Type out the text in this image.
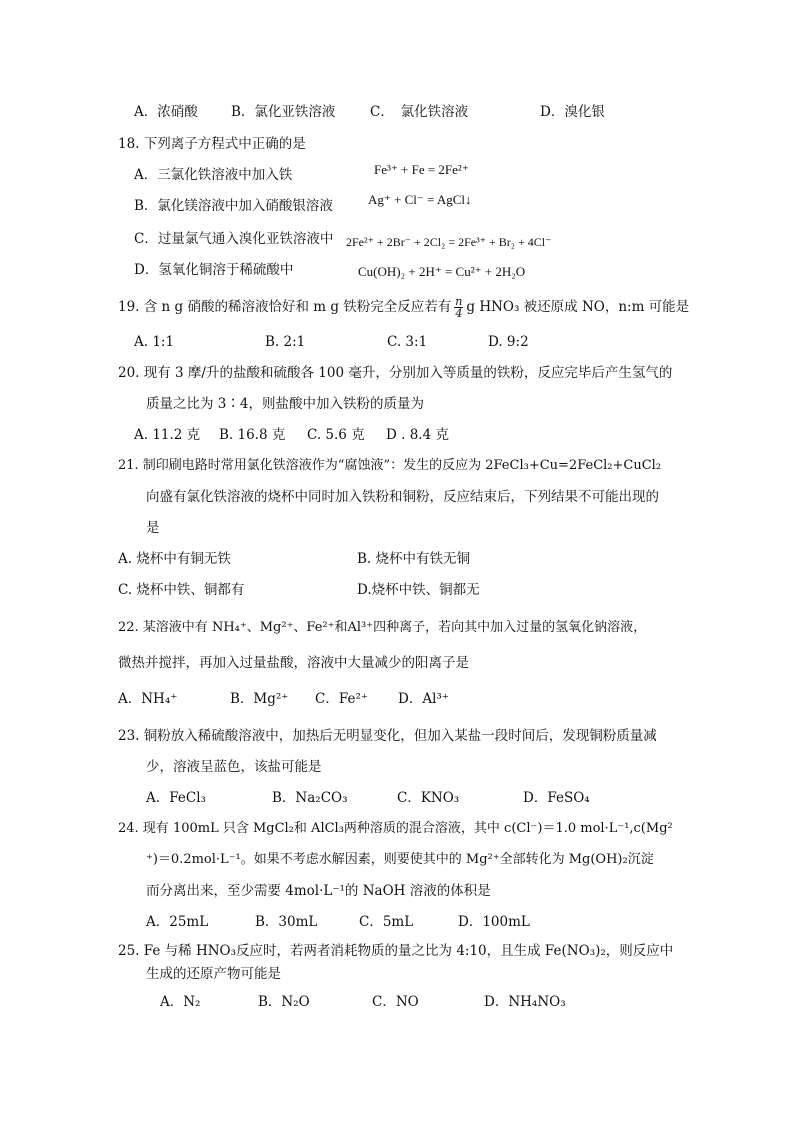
A．浓硝酸 B．氯化亚铁溶液	C．　氯化铁溶液	D．溴化银
18. 下列离子方程式中正确的是
A．三氯化铁溶液中加入铁	Fe³⁺ + Fe = 2Fe²⁺
B．氯化镁溶液中加入硝酸银溶液	Ag⁺ + Cl⁻ = AgCl↓
C．过量氯气通入溴化亚铁溶液中 2Fe²⁺ + 2Br⁻ + 2Cl₂ = 2Fe³⁺ + Br₂ + 4Cl⁻
D．氢氧化铜溶于稀硫酸中	Cu(OH)₂ + 2H⁺ = Cu²⁺ + 2H₂O
19. 含 n g 硝酸的稀溶液恰好和 m g 铁粉完全反应若有 $\frac{n}{4}$ g HNO₃ 被还原成 NO，n:m 可能是
A. 1:1	B. 2:1	C. 3:1	D. 9:2
20. 现有 3 摩/升的盐酸和硫酸各 100 毫升，分别加入等质量的铁粉，反应完毕后产生氢气的
质量之比为 3∶4，则盐酸中加入铁粉的质量为
A. 11.2 克 B. 16.8 克 C. 5.6 克 D . 8.4 克
21. 制印刷电路时常用氯化铁溶液作为“腐蚀液”：发生的反应为 2FeCl₃+Cu=2FeCl₂+CuCl₂
向盛有氯化铁溶液的烧杯中同时加入铁粉和铜粉，反应结束后，下列结果不可能出现的
是
A. 烧杯中有铜无铁	B. 烧杯中有铁无铜
C. 烧杯中铁、铜都有	D.烧杯中铁、铜都无
22. 某溶液中有 NH₄⁺、Mg²⁺、Fe²⁺和Al³⁺四种离子，若向其中加入过量的氢氧化钠溶液，
微热并搅拌，再加入过量盐酸，溶液中大量减少的阳离子是
A．NH₄⁺	B．Mg²⁺ C．Fe²⁺ D．Al³⁺
23. 铜粉放入稀硫酸溶液中，加热后无明显变化，但加入某盐一段时间后，发现铜粉质量减
少，溶液呈蓝色，该盐可能是
A．FeCl₃	B．Na₂CO₃	C．KNO₃	D．FeSO₄
24. 现有 100mL 只含 MgCl₂和 AlCl₃两种溶质的混合溶液，其中 c(Cl⁻)＝1.0 mol·L⁻¹,c(Mg²
⁺)＝0.2mol·L⁻¹。如果不考虑水解因素，则要使其中的 Mg²⁺全部转化为 Mg(OH)₂沉淀
而分离出来，至少需要 4mol·L⁻¹的 NaOH 溶液的体积是
A．25mL	B．30mL	C．5mL	D．100mL
25. Fe 与稀 HNO₃反应时，若两者消耗物质的量之比为 4:10，且生成 Fe(NO₃)₂，则反应中
生成的还原产物可能是
A．N₂	B．N₂O	C．NO	D．NH₄NO₃
